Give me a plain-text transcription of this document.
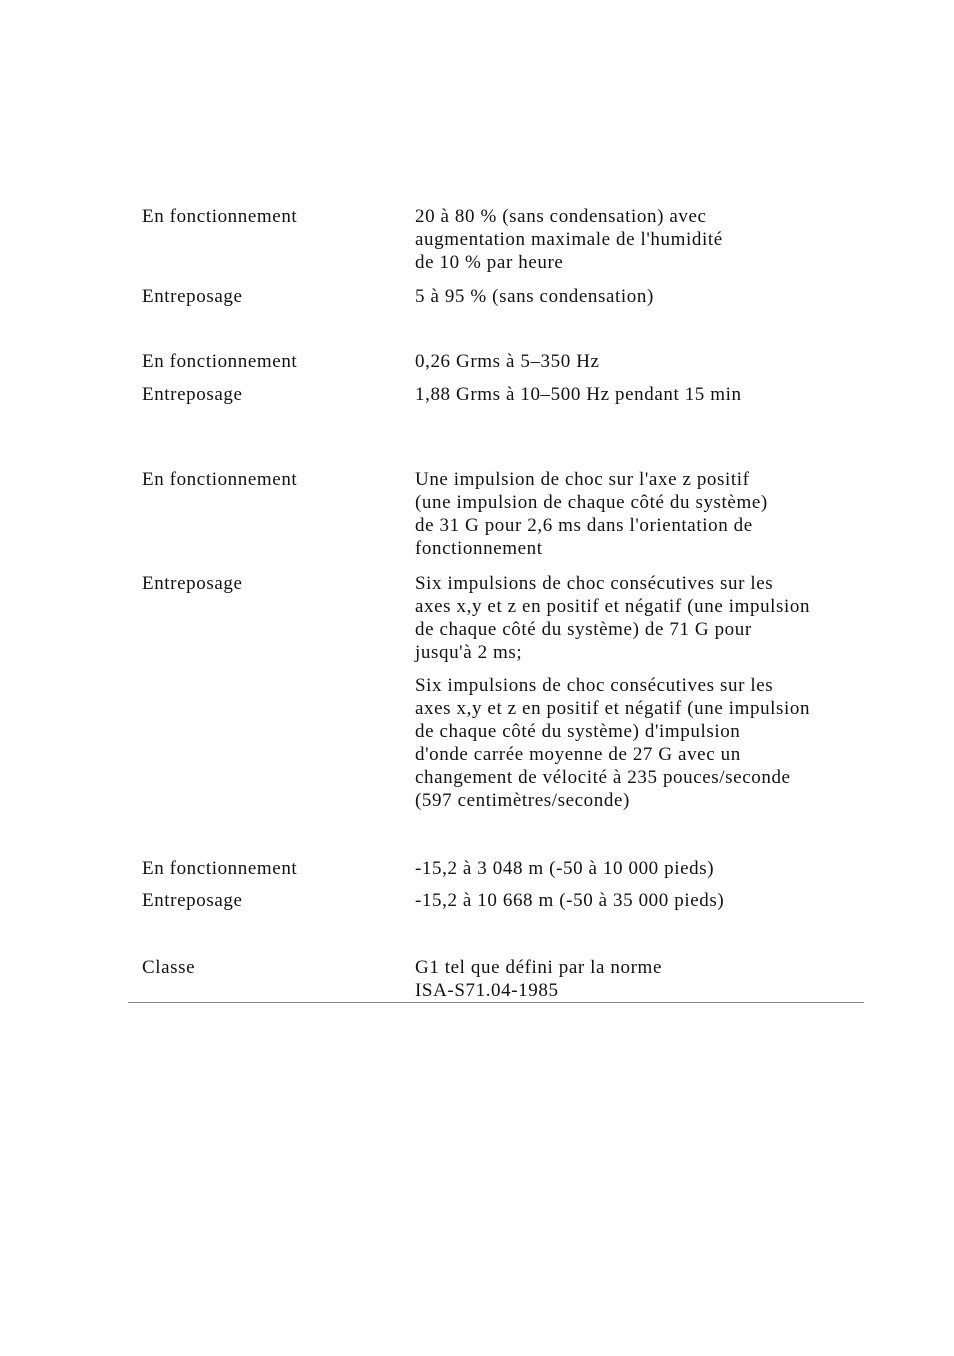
En fonctionnement	20 à 80 % (sans condensation) avec
augmentation maximale de l'humidité
de 10 % par heure
Entreposage	5 à 95 % (sans condensation)
En fonctionnement	0,26 Grms à 5–350 Hz
Entreposage	1,88 Grms à 10–500 Hz pendant 15 min
En fonctionnement	Une impulsion de choc sur l'axe z positif
(une impulsion de chaque côté du système)
de 31 G pour 2,6 ms dans l'orientation de
fonctionnement
Entreposage	Six impulsions de choc consécutives sur les
axes x,y et z en positif et négatif (une impulsion
de chaque côté du système) de 71 G pour
jusqu'à 2 ms;
Six impulsions de choc consécutives sur les
axes x,y et z en positif et négatif (une impulsion
de chaque côté du système) d'impulsion
d'onde carrée moyenne de 27 G avec un
changement de vélocité à 235 pouces/seconde
(597 centimètres/seconde)
En fonctionnement	-15,2 à 3 048 m (-50 à 10 000 pieds)
Entreposage	-15,2 à 10 668 m (-50 à 35 000 pieds)
Classe	G1 tel que défini par la norme
ISA-S71.04-1985
